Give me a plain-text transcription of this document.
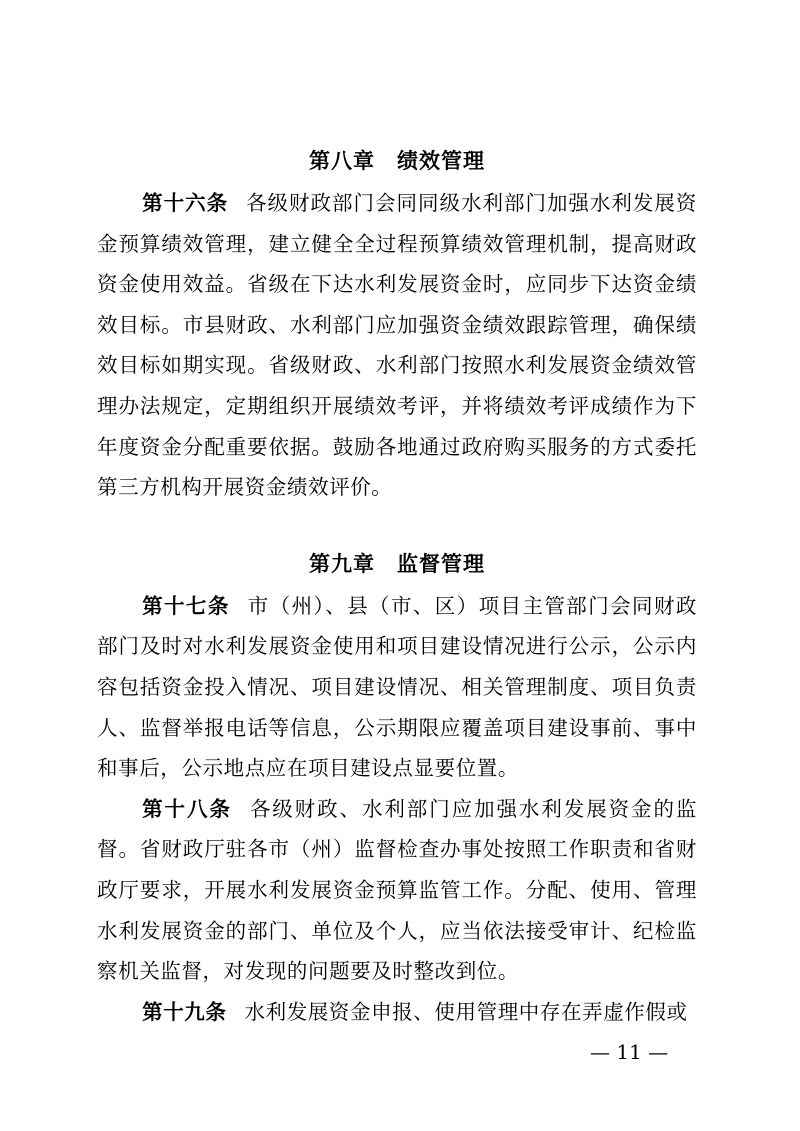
第八章 绩效管理

第十六条 各级财政部门会同同级水利部门加强水利发展资金预算绩效管理，建立健全全过程预算绩效管理机制，提高财政资金使用效益。省级在下达水利发展资金时，应同步下达资金绩效目标。市县财政、水利部门应加强资金绩效跟踪管理，确保绩效目标如期实现。省级财政、水利部门按照水利发展资金绩效管理办法规定，定期组织开展绩效考评，并将绩效考评成绩作为下年度资金分配重要依据。鼓励各地通过政府购买服务的方式委托第三方机构开展资金绩效评价。

第九章 监督管理

第十七条 市（州）、县（市、区）项目主管部门会同财政部门及时对水利发展资金使用和项目建设情况进行公示，公示内容包括资金投入情况、项目建设情况、相关管理制度、项目负责人、监督举报电话等信息，公示期限应覆盖项目建设事前、事中和事后，公示地点应在项目建设点显要位置。

第十八条 各级财政、水利部门应加强水利发展资金的监督。省财政厅驻各市（州）监督检查办事处按照工作职责和省财政厅要求，开展水利发展资金预算监管工作。分配、使用、管理水利发展资金的部门、单位及个人，应当依法接受审计、纪检监察机关监督，对发现的问题要及时整改到位。

第十九条 水利发展资金申报、使用管理中存在弄虚作假或

— 11 —
